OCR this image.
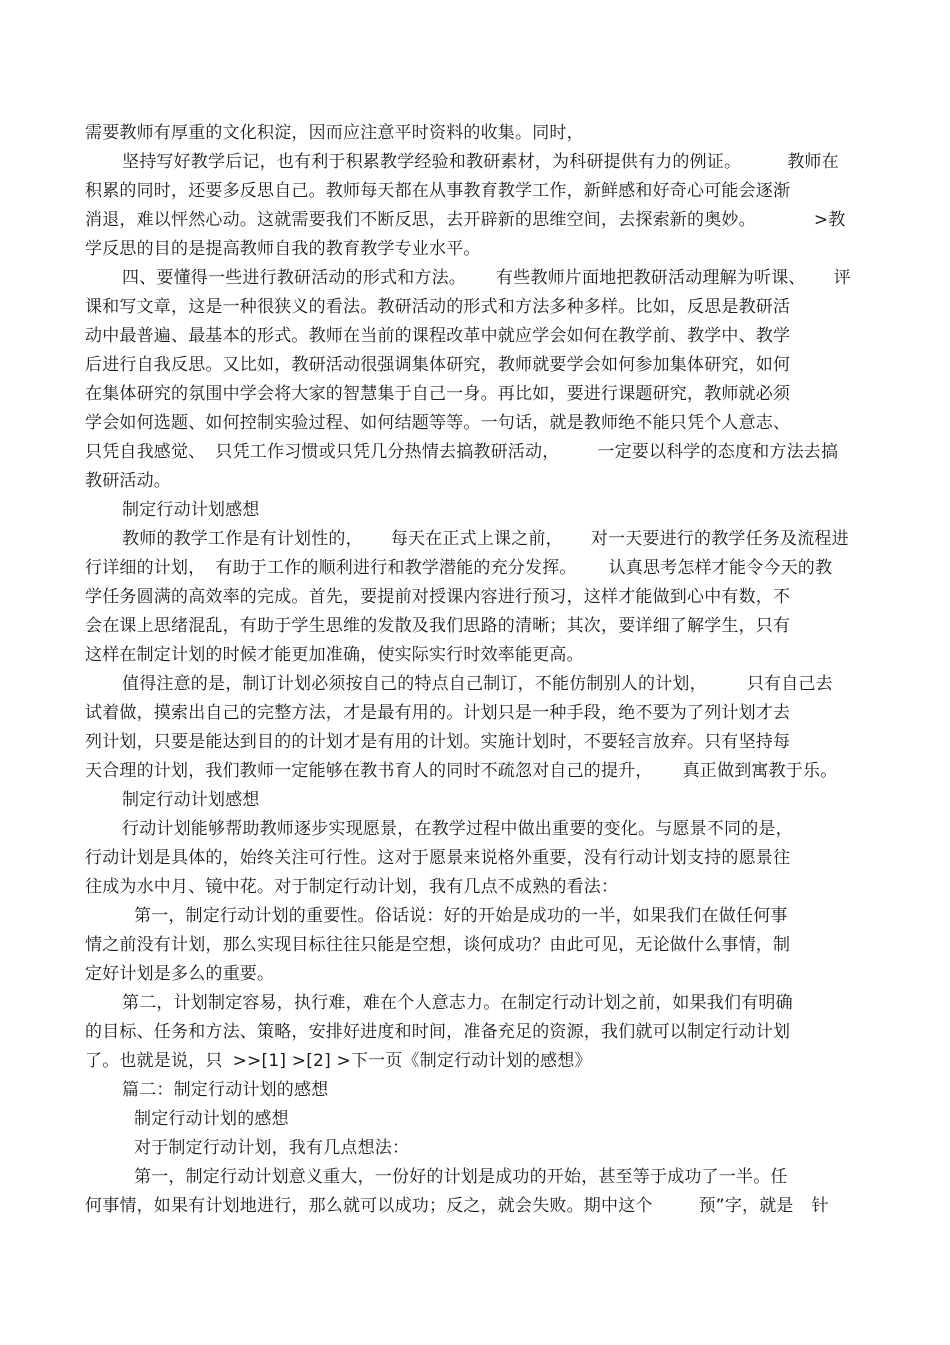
需要教师有厚重的文化积淀，因而应注意平时资料的收集。同时，
坚持写好教学后记，也有利于积累教学经验和教研素材，为科研提供有力的例证。	教师在
积累的同时，还要多反思自己。教师每天都在从事教育教学工作，新鲜感和好奇心可能会逐渐
消退，难以怦然心动。这就需要我们不断反思，去开辟新的思维空间，去探索新的奥妙。	>教
学反思的目的是提高教师自我的教育教学专业水平。
四、要懂得一些进行教研活动的形式和方法。 有些教师片面地把教研活动理解为听课、 评
课和写文章，这是一种很狭义的看法。教研活动的形式和方法多种多样。比如，反思是教研活
动中最普遍、最基本的形式。教师在当前的课程改革中就应学会如何在教学前、教学中、教学
后进行自我反思。又比如，教研活动很强调集体研究，教师就要学会如何参加集体研究，如何
在集体研究的氛围中学会将大家的智慧集于自己一身。再比如，要进行课题研究，教师就必须
学会如何选题、如何控制实验过程、如何结题等等。一句话，就是教师绝不能只凭个人意志、
只凭自我感觉、 只凭工作习惯或只凭几分热情去搞教研活动， 一定要以科学的态度和方法去搞
教研活动。
制定行动计划感想
教师的教学工作是有计划性的， 每天在正式上课之前， 对一天要进行的教学任务及流程进
行详细的计划， 有助于工作的顺利进行和教学潜能的充分发挥。 认真思考怎样才能令今天的教
学任务圆满的高效率的完成。首先，要提前对授课内容进行预习，这样才能做到心中有数，不
会在课上思绪混乱，有助于学生思维的发散及我们思路的清晰；其次，要详细了解学生，只有
这样在制定计划的时候才能更加准确，使实际实行时效率能更高。
值得注意的是，制订计划必须按自己的特点自己制订，不能仿制别人的计划， 只有自己去
试着做，摸索出自己的完整方法，才是最有用的。计划只是一种手段，绝不要为了列计划才去
列计划，只要是能达到目的的计划才是有用的计划。实施计划时，不要轻言放弃。只有坚持每
天合理的计划，我们教师一定能够在教书育人的同时不疏忽对自己的提升， 真正做到寓教于乐。
制定行动计划感想
行动计划能够帮助教师逐步实现愿景，在教学过程中做出重要的变化。与愿景不同的是，
行动计划是具体的，始终关注可行性。这对于愿景来说格外重要，没有行动计划支持的愿景往
往成为水中月、镜中花。对于制定行动计划，我有几点不成熟的看法：
第一，制定行动计划的重要性。俗话说：好的开始是成功的一半，如果我们在做任何事
情之前没有计划，那么实现目标往往只能是空想，谈何成功？由此可见，无论做什么事情，制
定好计划是多么的重要。
第二，计划制定容易，执行难，难在个人意志力。在制定行动计划之前，如果我们有明确
的目标、任务和方法、策略，安排好进度和时间，准备充足的资源，我们就可以制定行动计划
了。也就是说，只 >>[1] >[2] >下一页《制定行动计划的感想》
篇二：制定行动计划的感想
制定行动计划的感想
对于制定行动计划，我有几点想法：
第一，制定行动计划意义重大，一份好的计划是成功的开始，甚至等于成功了一半。任
何事情，如果有计划地进行，那么就可以成功；反之，就会失败。期中这个	预”字，就是 针
